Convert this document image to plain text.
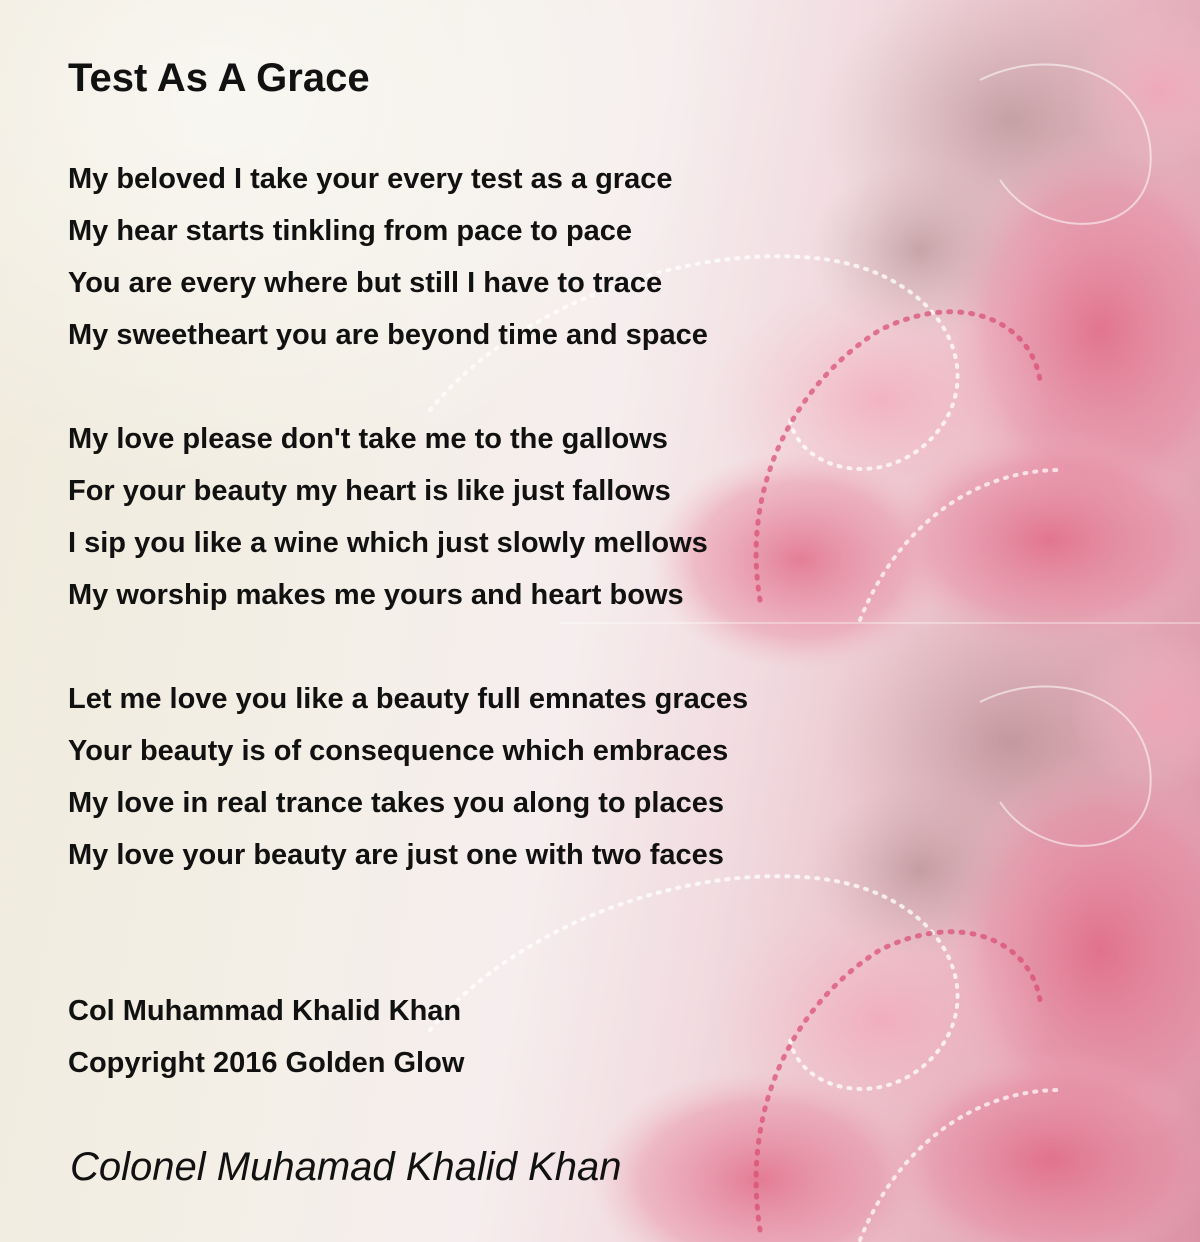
Test As A Grace
My beloved I take your every test as a grace
My hear starts tinkling from pace to pace
You are every where but still I have to trace
My sweetheart you are beyond time and space
My love please don't take me to the gallows
For your beauty my heart is like just fallows
I sip you like a wine which just slowly mellows
My worship makes me yours and heart bows
Let me love you like a beauty full emnates graces
Your beauty is of consequence which embraces
My love in real trance takes you along to places
My love your beauty are just one with two faces
Col Muhammad Khalid Khan
Copyright 2016 Golden Glow
Colonel Muhamad Khalid Khan
